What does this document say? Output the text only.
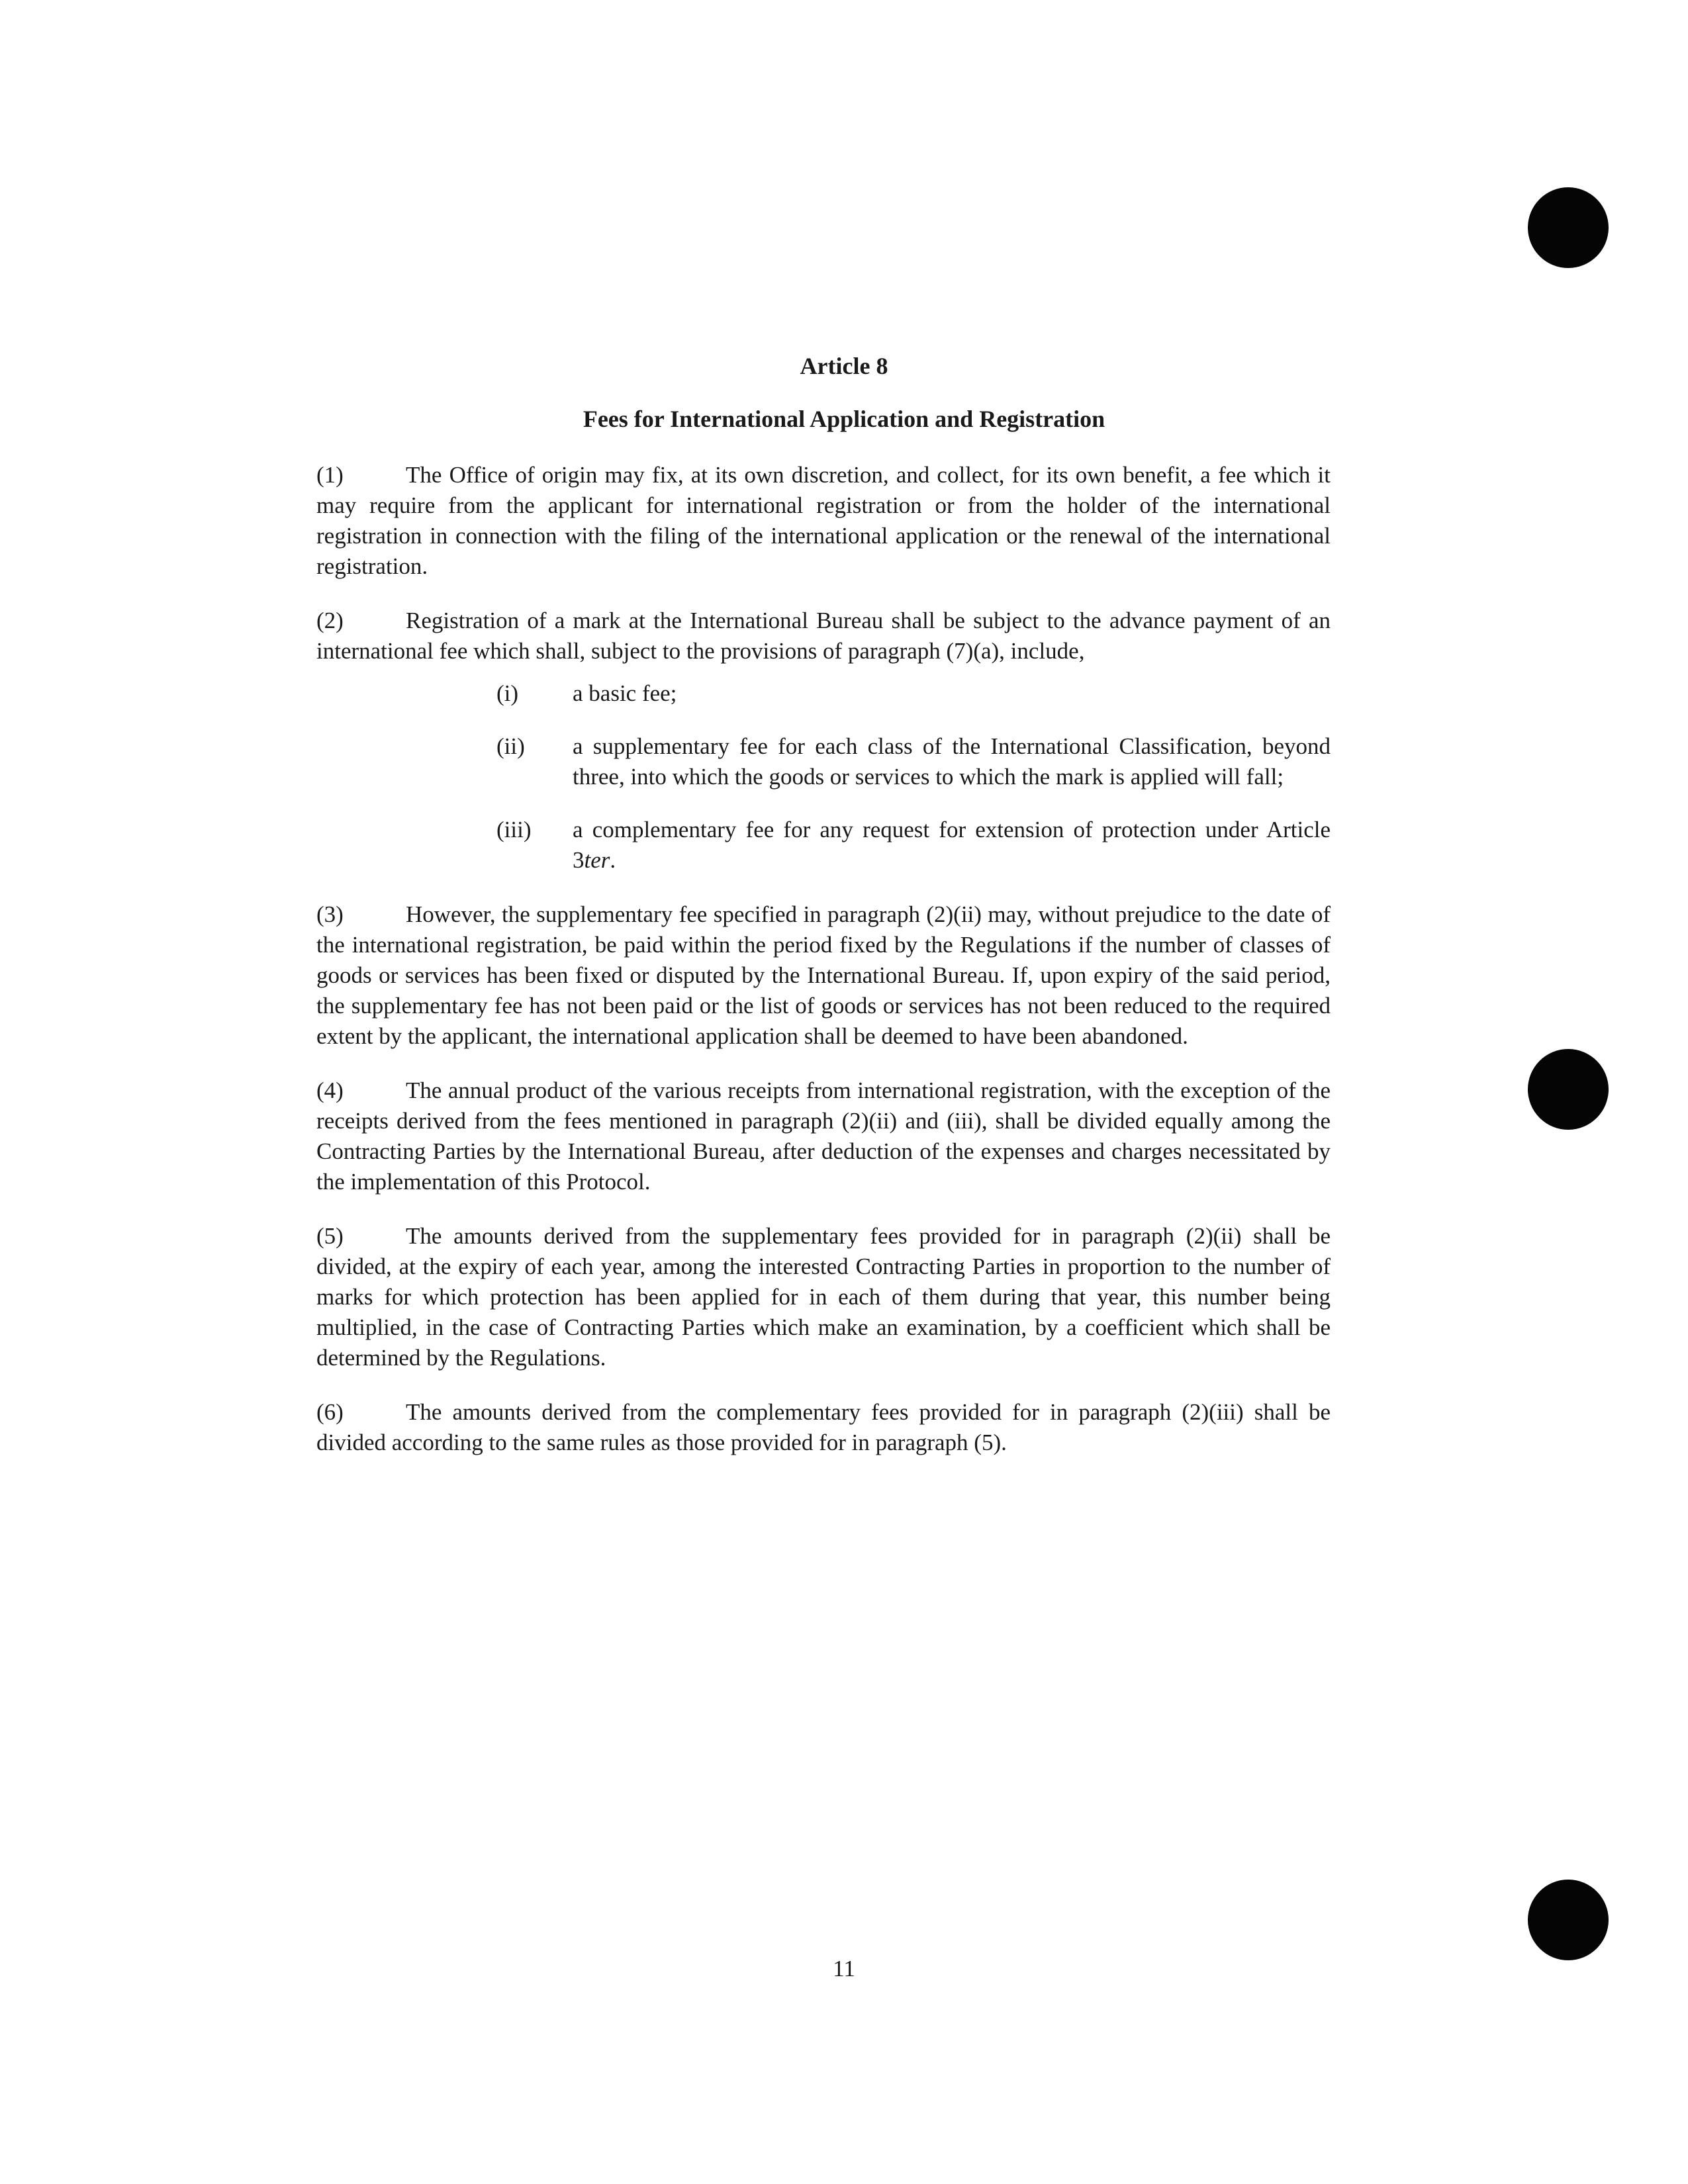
Article 8
Fees for International Application and Registration

(1)	The Office of origin may fix, at its own discretion, and collect, for its own benefit, a fee which it may require from the applicant for international registration or from the holder of the international registration in connection with the filing of the international application or the renewal of the international registration.

(2)	Registration of a mark at the International Bureau shall be subject to the advance payment of an international fee which shall, subject to the provisions of paragraph (7)(a), include,

(i)	a basic fee;
(ii)	a supplementary fee for each class of the International Classification, beyond three, into which the goods or services to which the mark is applied will fall;
(iii)	a complementary fee for any request for extension of protection under Article 3ter.

(3)	However, the supplementary fee specified in paragraph (2)(ii) may, without prejudice to the date of the international registration, be paid within the period fixed by the Regulations if the number of classes of goods or services has been fixed or disputed by the International Bureau. If, upon expiry of the said period, the supplementary fee has not been paid or the list of goods or services has not been reduced to the required extent by the applicant, the international application shall be deemed to have been abandoned.

(4)	The annual product of the various receipts from international registration, with the exception of the receipts derived from the fees mentioned in paragraph (2)(ii) and (iii), shall be divided equally among the Contracting Parties by the International Bureau, after deduction of the expenses and charges necessitated by the implementation of this Protocol.

(5)	The amounts derived from the supplementary fees provided for in paragraph (2)(ii) shall be divided, at the expiry of each year, among the interested Contracting Parties in proportion to the number of marks for which protection has been applied for in each of them during that year, this number being multiplied, in the case of Contracting Parties which make an examination, by a coefficient which shall be determined by the Regulations.

(6)	The amounts derived from the complementary fees provided for in paragraph (2)(iii) shall be divided according to the same rules as those provided for in paragraph (5).

11
